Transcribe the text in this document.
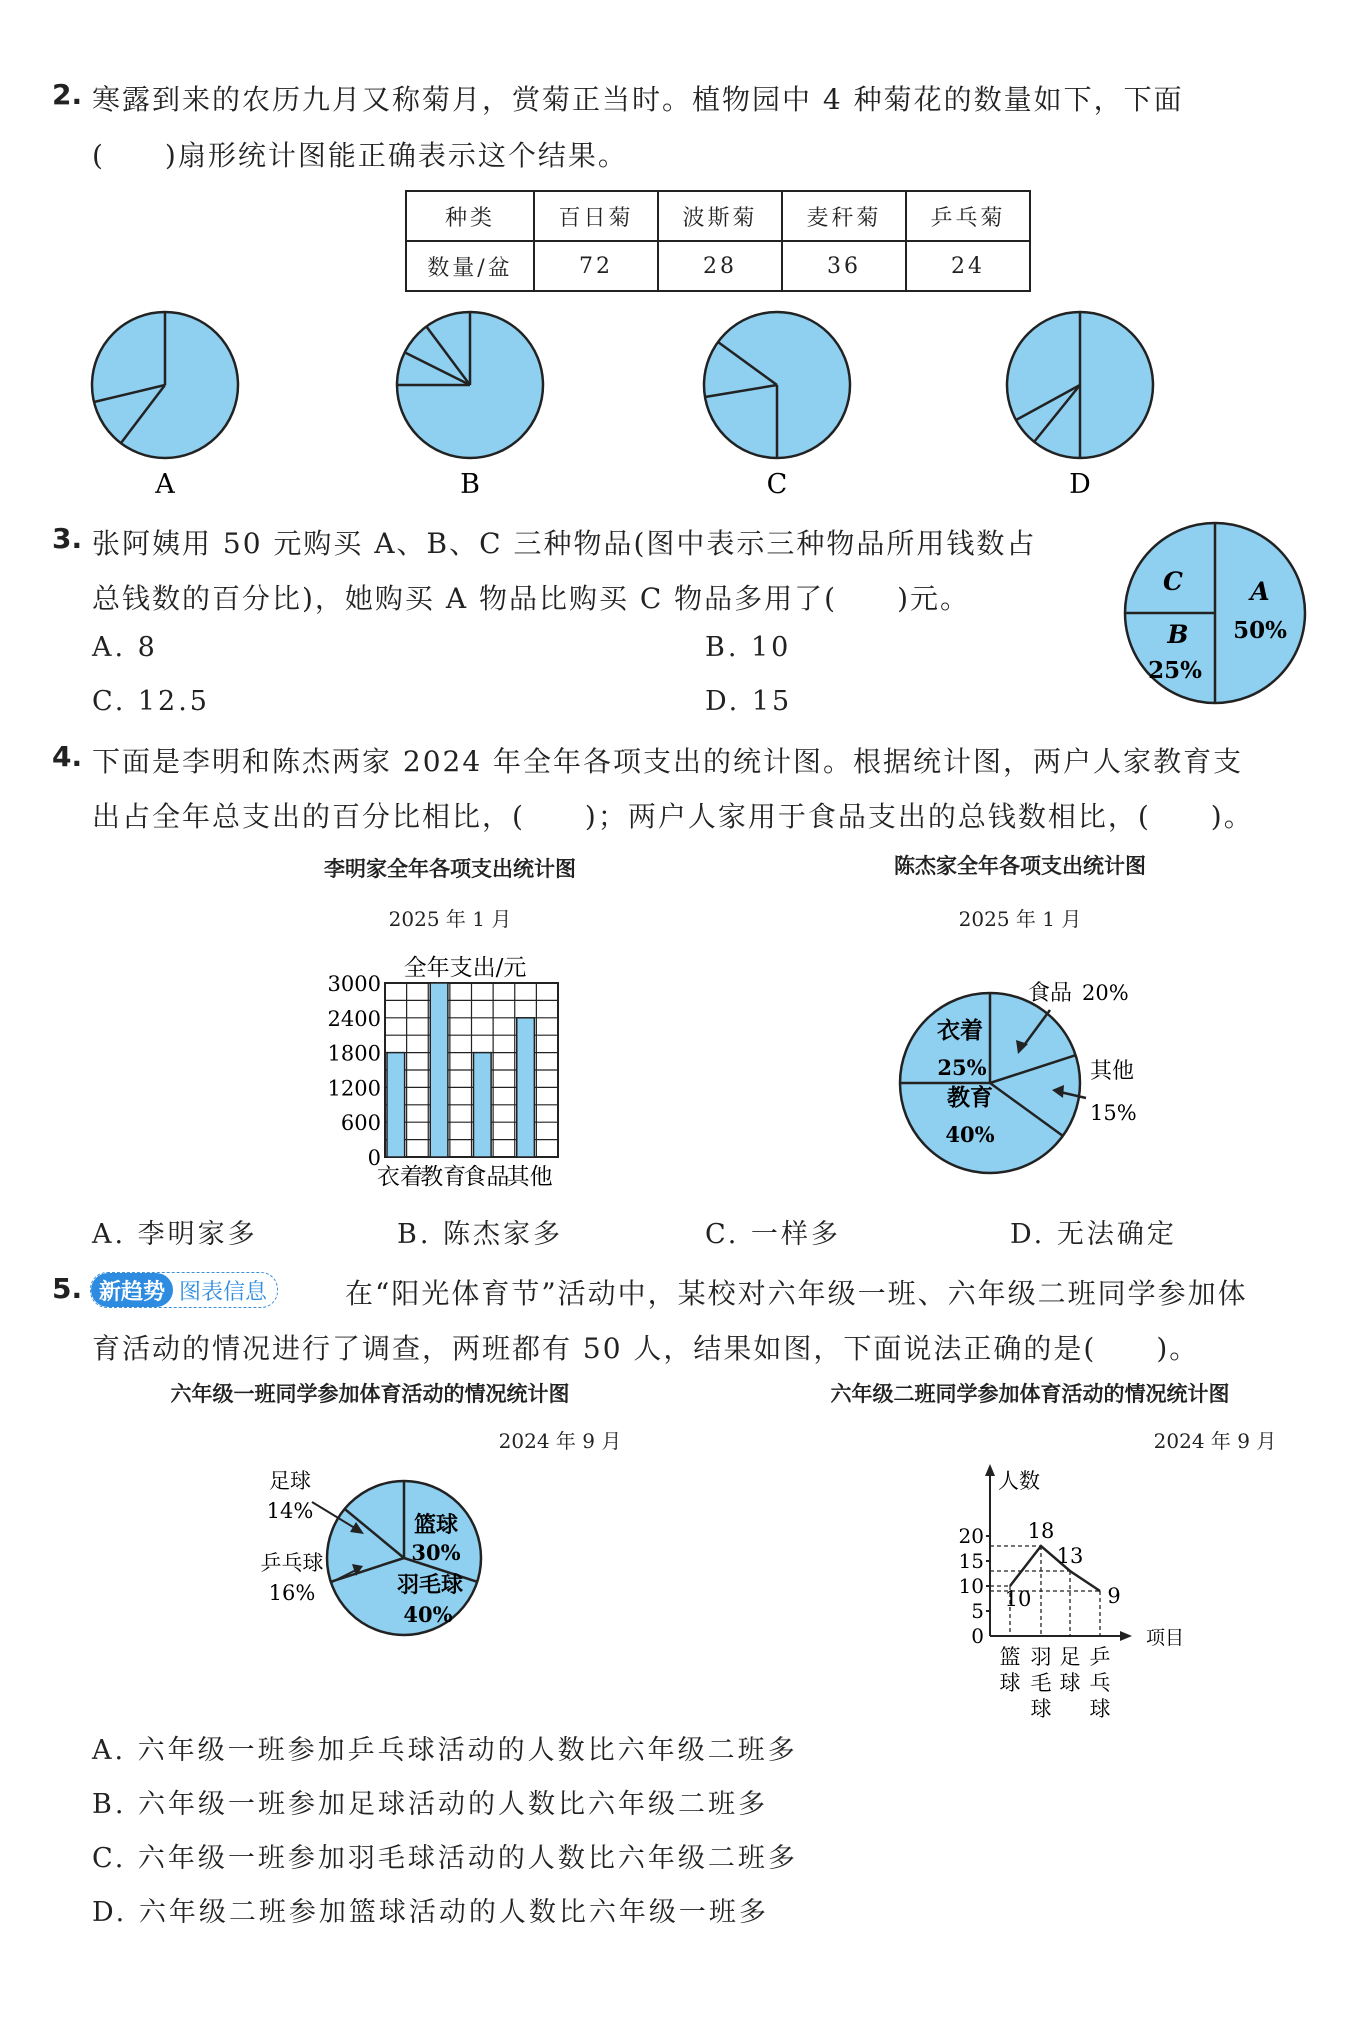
2. 寒露到来的农历九月又称菊月，赏菊正当时。植物园中 4 种菊花的数量如下，下面
(　　)扇形统计图能正确表示这个结果。
种类	百日菊	波斯菊	麦秆菊	乒乓菊
数量/盆	72	28	36	24
A	B	C	D
3. 张阿姨用 50 元购买 A、B、C 三种物品(图中表示三种物品所用钱数占
总钱数的百分比)，她购买 A 物品比购买 C 物品多用了(　　)元。
A. 8	B. 10
C. 12.5	D. 15
C	A
50%
B
25%
4. 下面是李明和陈杰两家 2024 年全年各项支出的统计图。根据统计图，两户人家教育支
出占全年总支出的百分比相比，(　　)；两户人家用于食品支出的总钱数相比，(　　)。
李明家全年各项支出统计图
2025 年 1 月
陈杰家全年各项支出统计图
2025 年 1 月
全年支出/元
0
600
1200
1800
2400
3000
衣着
教育
食品
其他
衣着
25%
教育
40%
食品 20%
其他
15%
A. 李明家多	B. 陈杰家多	C. 一样多	D. 无法确定
5. 新趋势 图表信息	在“阳光体育节”活动中，某校对六年级一班、六年级二班同学参加体
育活动的情况进行了调查，两班都有 50 人，结果如图，下面说法正确的是(　　)。
六年级一班同学参加体育活动的情况统计图
2024 年 9 月
六年级二班同学参加体育活动的情况统计图
2024 年 9 月
篮球
30%
羽毛球
40%
足球
14%
乒乓球
16%
人数
项目
0
5
10
15
20
10
18
13
9
篮
球
羽
毛
球
足
球
乒
乓
球
A. 六年级一班参加乒乓球活动的人数比六年级二班多
B. 六年级一班参加足球活动的人数比六年级二班多
C. 六年级一班参加羽毛球活动的人数比六年级二班多
D. 六年级二班参加篮球活动的人数比六年级一班多
